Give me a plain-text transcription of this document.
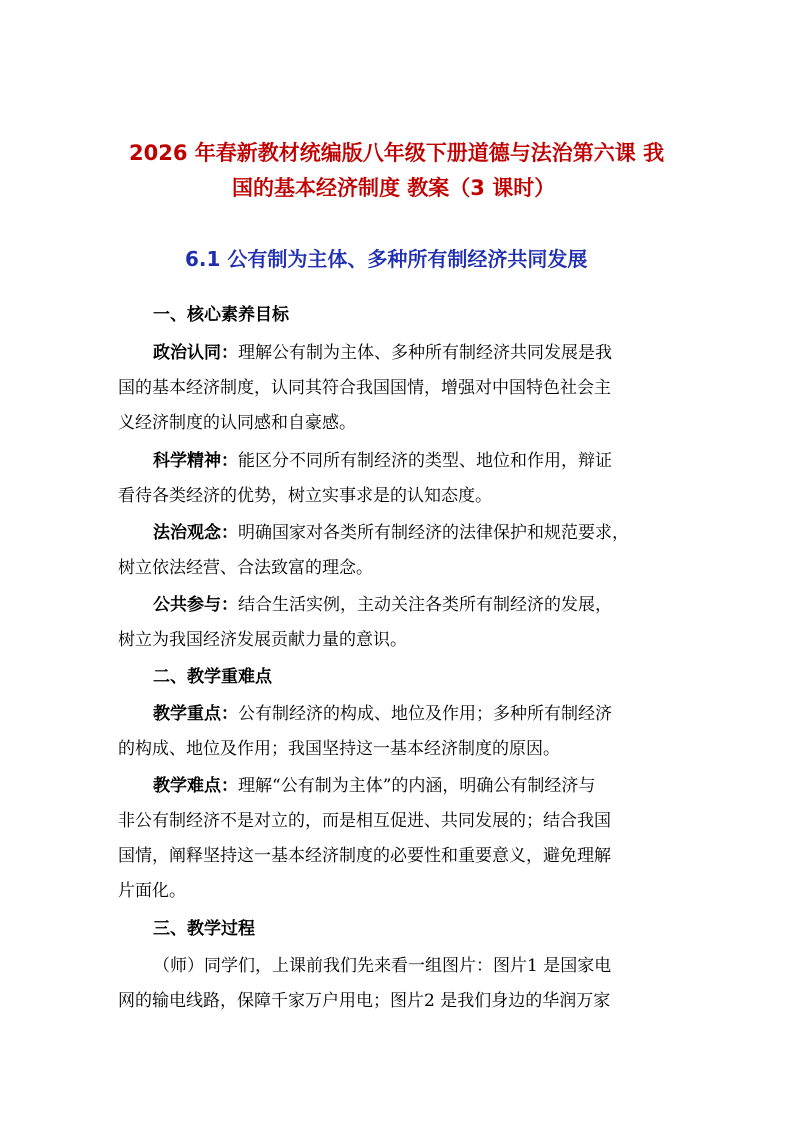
2026 年春新教材统编版八年级下册道德与法治第六课 我
国的基本经济制度 教案（3 课时）
6.1 公有制为主体、多种所有制经济共同发展
一、核心素养目标
政治认同：理解公有制为主体、多种所有制经济共同发展是我
国的基本经济制度，认同其符合我国国情，增强对中国特色社会主
义经济制度的认同感和自豪感。
科学精神：能区分不同所有制经济的类型、地位和作用，辩证
看待各类经济的优势，树立实事求是的认知态度。
法治观念：明确国家对各类所有制经济的法律保护和规范要求，
树立依法经营、合法致富的理念。
公共参与：结合生活实例，主动关注各类所有制经济的发展，
树立为我国经济发展贡献力量的意识。
二、教学重难点
教学重点：公有制经济的构成、地位及作用；多种所有制经济
的构成、地位及作用；我国坚持这一基本经济制度的原因。
教学难点：理解“公有制为主体”的内涵，明确公有制经济与
非公有制经济不是对立的，而是相互促进、共同发展的；结合我国
国情，阐释坚持这一基本经济制度的必要性和重要意义，避免理解
片面化。
三、教学过程
（师）同学们，上课前我们先来看一组图片：图片1 是国家电
网的输电线路，保障千家万户用电；图片2 是我们身边的华润万家
